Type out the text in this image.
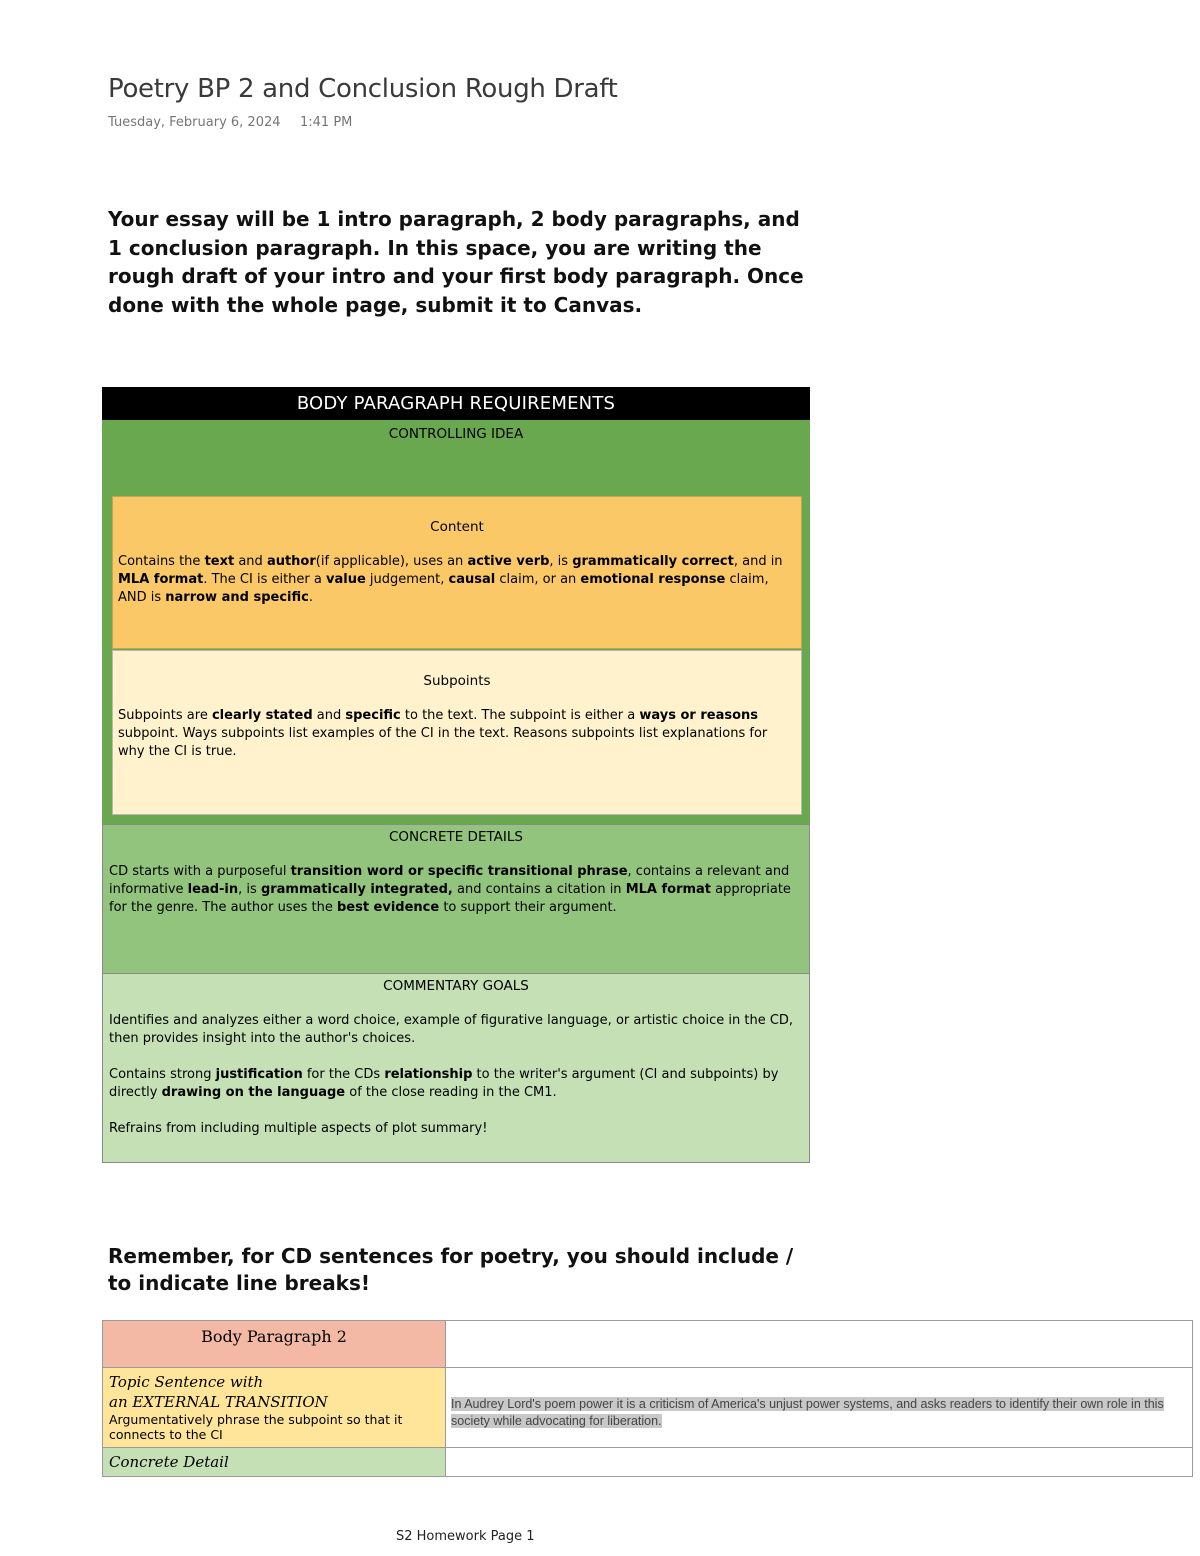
Poetry BP 2 and Conclusion Rough Draft
Tuesday, February 6, 2024 1:41 PM
Your essay will be 1 intro paragraph, 2 body paragraphs, and 1 conclusion paragraph. In this space, you are writing the rough draft of your intro and your first body paragraph. Once done with the whole page, submit it to Canvas.
BODY PARAGRAPH REQUIREMENTS
CONTROLLING IDEA
Content
Contains the text and author(if applicable), uses an active verb, is grammatically correct, and in MLA format. The CI is either a value judgement, causal claim, or an emotional response claim, AND is narrow and specific.
Subpoints
Subpoints are clearly stated and specific to the text. The subpoint is either a ways or reasons subpoint. Ways subpoints list examples of the CI in the text. Reasons subpoints list explanations for why the CI is true.
CONCRETE DETAILS
CD starts with a purposeful transition word or specific transitional phrase, contains a relevant and informative lead-in, is grammatically integrated, and contains a citation in MLA format appropriate for the genre. The author uses the best evidence to support their argument.
COMMENTARY GOALS

Identifies and analyzes either a word choice, example of figurative language, or artistic choice in the CD, then provides insight into the author's choices.

Contains strong justification for the CDs relationship to the writer's argument (CI and subpoints) by directly drawing on the language of the close reading in the CM1.

Refrains from including multiple aspects of plot summary!

Remember, for CD sentences for poetry, you should include / to indicate line breaks!
Body Paragraph 2	

Topic Sentence with
an EXTERNAL TRANSITION
Argumentatively phrase the subpoint so that it connects to the CI	In Audrey Lord's poem power it is a criticism of America's unjust power systems, and asks readers to identify their own role in this society while advocating for liberation.

Concrete Detail	

S2 Homework Page 1
